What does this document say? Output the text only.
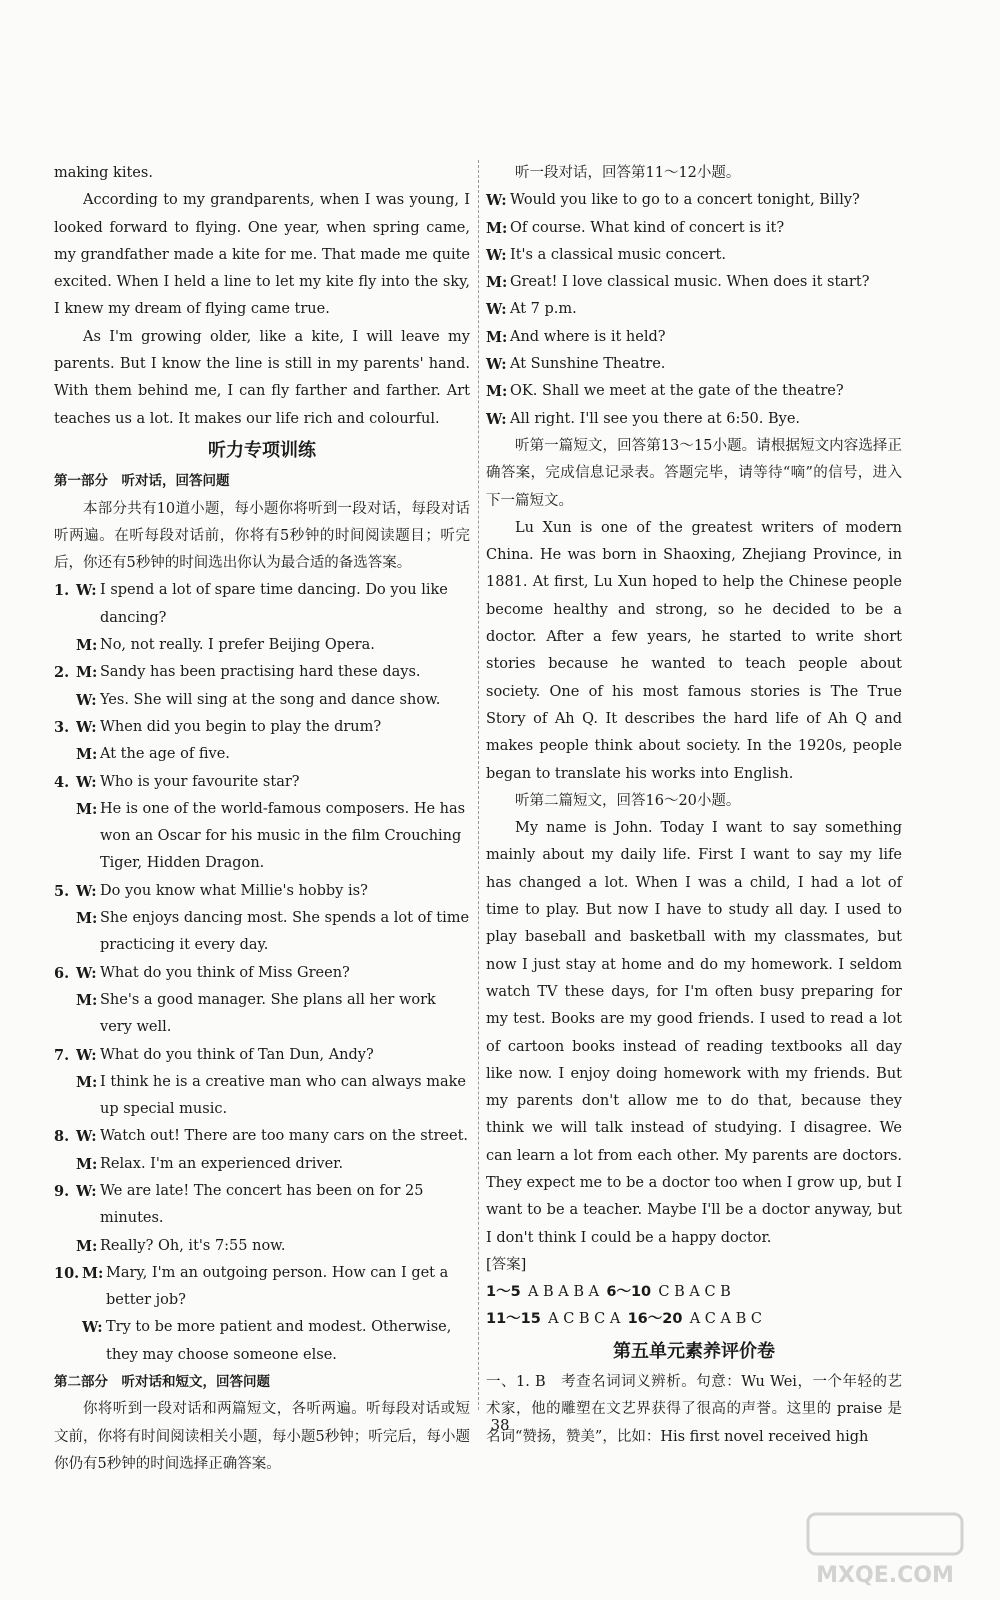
making kites.

According to my grandparents, when I was young, I looked forward to flying. One year, when spring came, my grandfather made a kite for me. That made me quite excited. When I held a line to let my kite fly into the sky, I knew my dream of flying came true.

As I'm growing older, like a kite, I will leave my parents. But I know the line is still in my parents' hand. With them behind me, I can fly farther and farther. Art teaches us a lot. It makes our life rich and colourful.

听力专项训练
第一部分　听对话，回答问题

本部分共有10道小题，每小题你将听到一段对话，每段对话听两遍。在听每段对话前，你将有5秒钟的时间阅读题目；听完后，你还有5秒钟的时间选出你认为最合适的备选答案。

1. W: I spend a lot of spare time dancing. Do you like dancing?
M: No, not really. I prefer Beijing Opera.
2. M: Sandy has been practising hard these days.
W: Yes. She will sing at the song and dance show.
3. W: When did you begin to play the drum?
M: At the age of five.
4. W: Who is your favourite star?
M: He is one of the world-famous composers. He has won an Oscar for his music in the film Crouching Tiger, Hidden Dragon.
5. W: Do you know what Millie's hobby is?
M: She enjoys dancing most. She spends a lot of time practicing it every day.
6. W: What do you think of Miss Green?
M: She's a good manager. She plans all her work very well.
7. W: What do you think of Tan Dun, Andy?
M: I think he is a creative man who can always make up special music.
8. W: Watch out! There are too many cars on the street.
M: Relax. I'm an experienced driver.
9. W: We are late! The concert has been on for 25 minutes.
M: Really? Oh, it's 7:55 now.
10. M: Mary, I'm an outgoing person. How can I get a better job?
W: Try to be more patient and modest. Otherwise, they may choose someone else.
第二部分　听对话和短文，回答问题

你将听到一段对话和两篇短文，各听两遍。听每段对话或短文前，你将有时间阅读相关小题，每小题5秒钟；听完后，每小题你仍有5秒钟的时间选择正确答案。

听一段对话，回答第11～12小题。

W: Would you like to go to a concert tonight, Billy?
M: Of course. What kind of concert is it?
W: It's a classical music concert.
M: Great! I love classical music. When does it start?
W: At 7 p.m.
M: And where is it held?
W: At Sunshine Theatre.
M: OK. Shall we meet at the gate of the theatre?
W: All right. I'll see you there at 6:50. Bye.

听第一篇短文，回答第13～15小题。请根据短文内容选择正确答案，完成信息记录表。答题完毕，请等待“嘀”的信号，进入下一篇短文。

Lu Xun is one of the greatest writers of modern China. He was born in Shaoxing, Zhejiang Province, in 1881. At first, Lu Xun hoped to help the Chinese people become healthy and strong, so he decided to be a doctor. After a few years, he started to write short stories because he wanted to teach people about society. One of his most famous stories is The True Story of Ah Q. It describes the hard life of Ah Q and makes people think about society. In the 1920s, people began to translate his works into English.

听第二篇短文，回答16～20小题。

My name is John. Today I want to say something mainly about my daily life. First I want to say my life has changed a lot. When I was a child, I had a lot of time to play. But now I have to study all day. I used to play baseball and basketball with my classmates, but now I just stay at home and do my homework. I seldom watch TV these days, for I'm often busy preparing for my test. Books are my good friends. I used to read a lot of cartoon books instead of reading textbooks all day like now. I enjoy doing homework with my friends. But my parents don't allow me to do that, because they think we will talk instead of studying. I disagree. We can learn a lot from each other. My parents are doctors. They expect me to be a doctor too when I grow up, but I want to be a teacher. Maybe I'll be a doctor anyway, but I don't think I could be a happy doctor.

[答案]
1～5  A B A B A  6～10  C B A C B
11～15  A C B C A  16～20  A C A B C
第五单元素养评价卷

一、1. B　考查名词词义辨析。句意：Wu Wei，一个年轻的艺术家，他的雕塑在文艺界获得了很高的声誉。这里的 praise 是名词“赞扬，赞美”，比如：His first novel received high

38
MXQE.COM
